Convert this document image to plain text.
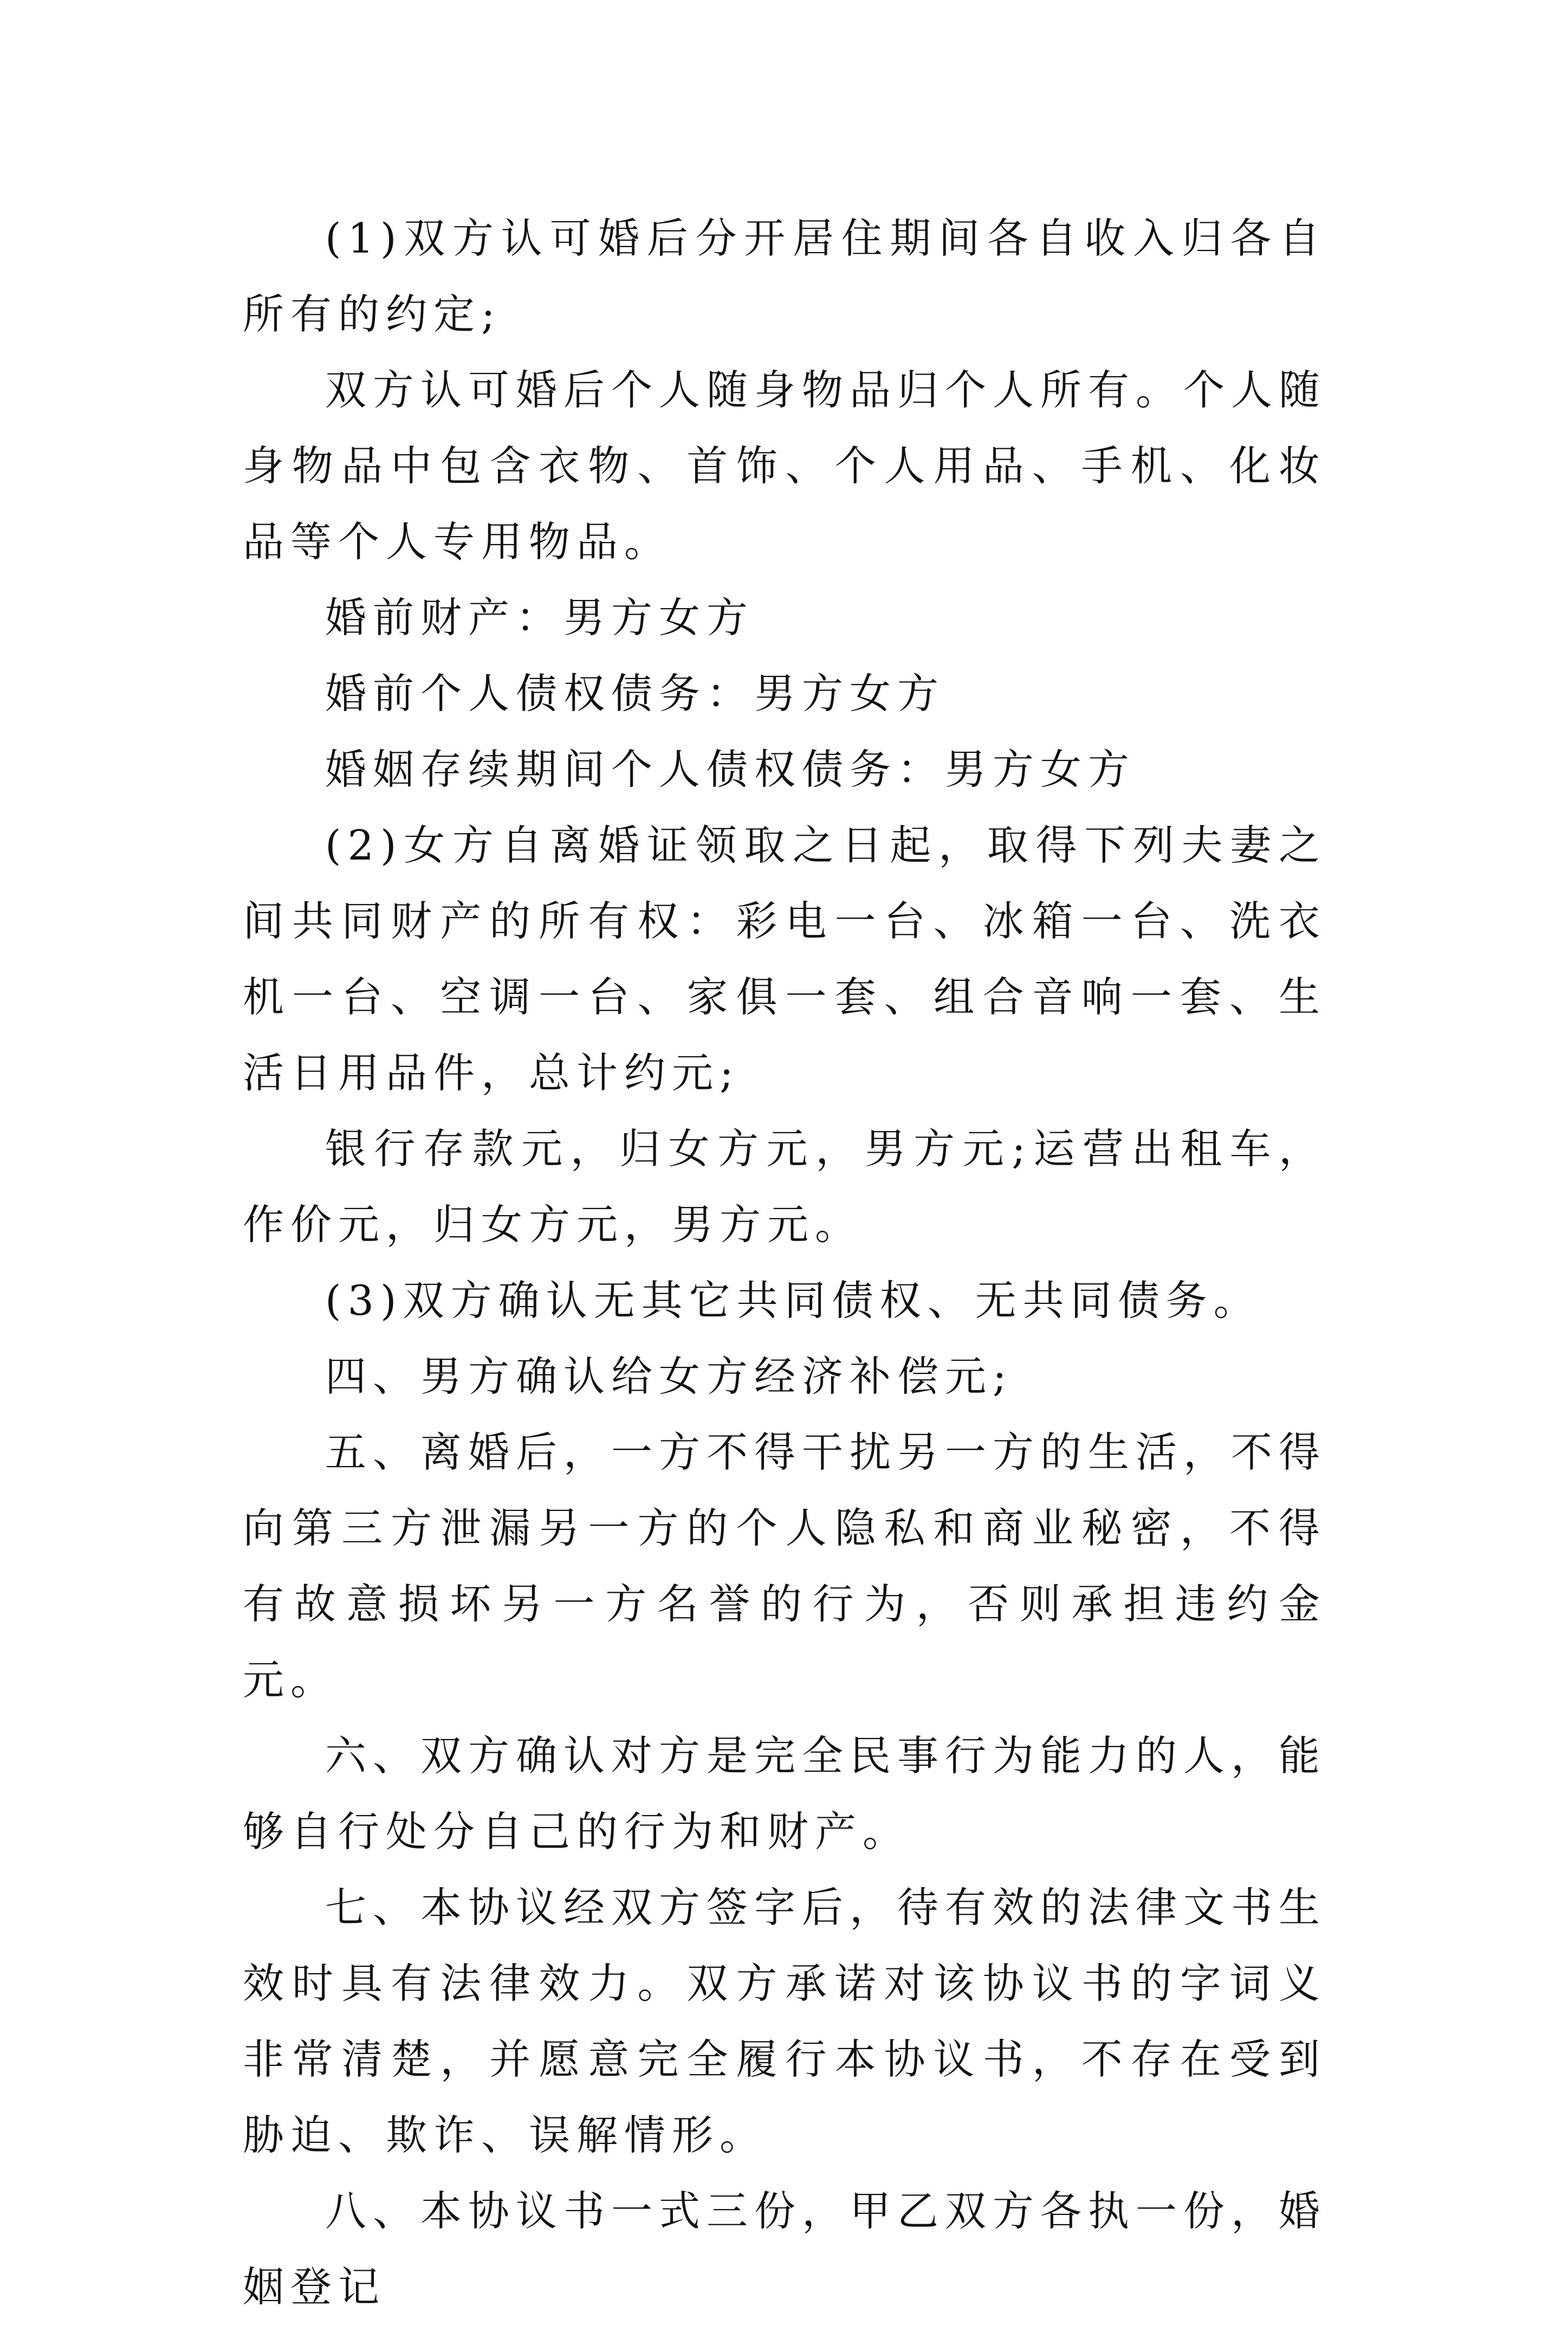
(1)双方认可婚后分开居住期间各自收入归各自所有的约定;

双方认可婚后个人随身物品归个人所有。个人随身物品中包含衣物、首饰、个人用品、手机、化妆品等个人专用物品。

婚前财产：男方女方

婚前个人债权债务：男方女方

婚姻存续期间个人债权债务：男方女方

(2)女方自离婚证领取之日起，取得下列夫妻之间共同财产的所有权：彩电一台、冰箱一台、洗衣机一台、空调一台、家俱一套、组合音响一套、生活日用品件，总计约元;

银行存款元，归女方元，男方元;运营出租车，作价元，归女方元，男方元。

(3)双方确认无其它共同债权、无共同债务。

四、男方确认给女方经济补偿元;

五、离婚后，一方不得干扰另一方的生活，不得向第三方泄漏另一方的个人隐私和商业秘密，不得有故意损坏另一方名誉的行为，否则承担违约金元。

六、双方确认对方是完全民事行为能力的人，能够自行处分自己的行为和财产。

七、本协议经双方签字后，待有效的法律文书生效时具有法律效力。双方承诺对该协议书的字词义非常清楚，并愿意完全履行本协议书，不存在受到胁迫、欺诈、误解情形。

八、本协议书一式三份，甲乙双方各执一份，婚姻登记
